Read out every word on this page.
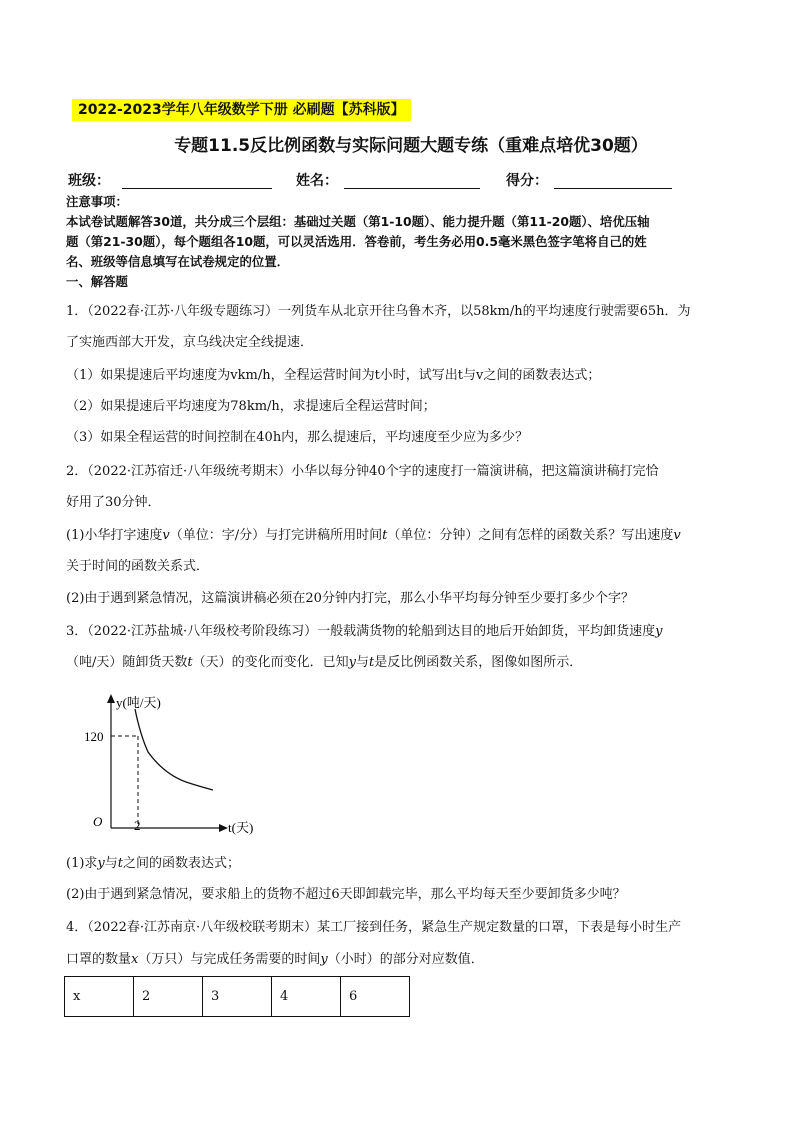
2022-2023学年八年级数学下册 必刷题【苏科版】
专题11.5反比例函数与实际问题大题专练（重难点培优30题）
班级：	姓名：	得分：
注意事项：
本试卷试题解答30道，共分成三个层组：基础过关题（第1-10题）、能力提升题（第11-20题）、培优压轴
题（第21-30题），每个题组各10题，可以灵活选用．答卷前，考生务必用0.5毫米黑色签字笔将自己的姓
名、班级等信息填写在试卷规定的位置．
一、解答题
1．（2022春·江苏·八年级专题练习）一列货车从北京开往乌鲁木齐，以58km/h的平均速度行驶需要65h．为
了实施西部大开发，京乌线决定全线提速．
（1）如果提速后平均速度为vkm/h，全程运营时间为t小时，试写出t与v之间的函数表达式；
（2）如果提速后平均速度为78km/h，求提速后全程运营时间；
（3）如果全程运营的时间控制在40h内，那么提速后，平均速度至少应为多少？
2．（2022·江苏宿迁·八年级统考期末）小华以每分钟40个字的速度打一篇演讲稿，把这篇演讲稿打完恰
好用了30分钟．
(1)小华打字速度v（单位：字/分）与打完讲稿所用时间t（单位：分钟）之间有怎样的函数关系？写出速度v
关于时间的函数关系式．
(2)由于遇到紧急情况，这篇演讲稿必须在20分钟内打完，那么小华平均每分钟至少要打多少个字？
3．（2022·江苏盐城·八年级校考阶段练习）一般载满货物的轮船到达目的地后开始卸货，平均卸货速度y
（吨/天）随卸货天数t（天）的变化而变化．已知y与t是反比例函数关系，图像如图所示．
y(吨/天)
120
O 2	t(天)
(1)求y与t之间的函数表达式；
(2)由于遇到紧急情况，要求船上的货物不超过6天即卸载完毕，那么平均每天至少要卸货多少吨？
4．（2022春·江苏南京·八年级校联考期末）某工厂接到任务，紧急生产规定数量的口罩，下表是每小时生产
口罩的数量x（万只）与完成任务需要的时间y（小时）的部分对应数值．
x	2	3	4	6
